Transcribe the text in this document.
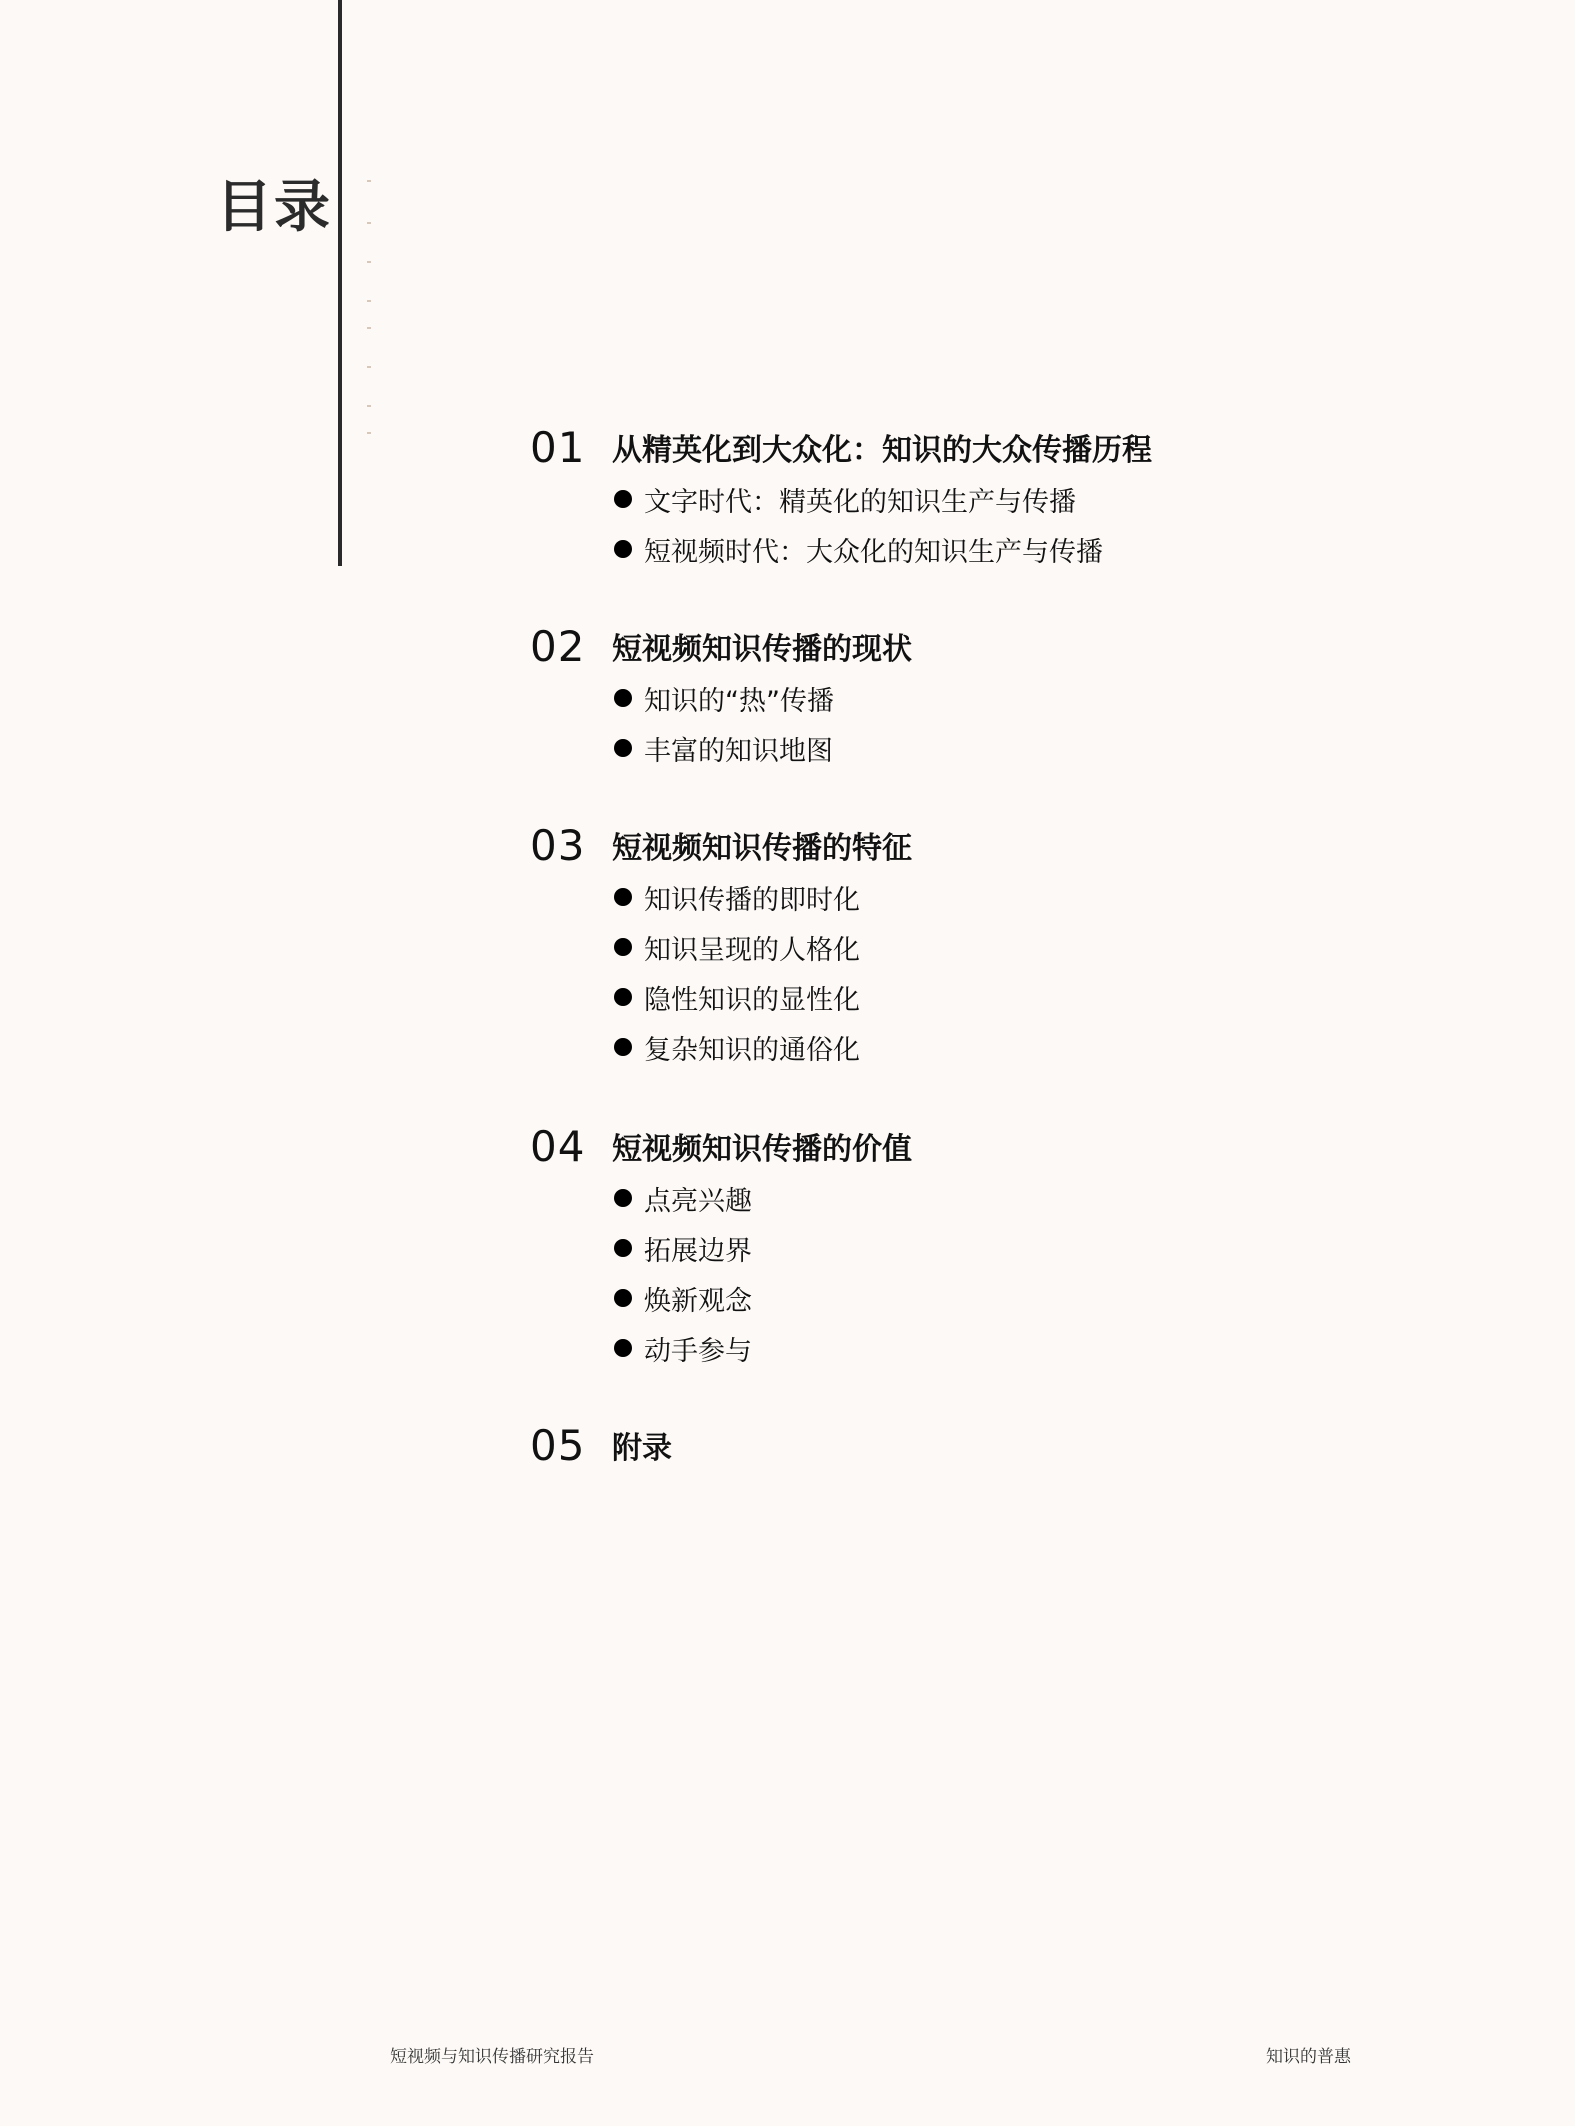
目录
01 从精英化到大众化：知识的大众传播历程
文字时代：精英化的知识生产与传播
短视频时代：大众化的知识生产与传播
02 短视频知识传播的现状
知识的“热”传播
丰富的知识地图
03 短视频知识传播的特征
知识传播的即时化
知识呈现的人格化
隐性知识的显性化
复杂知识的通俗化
04 短视频知识传播的价值
点亮兴趣
拓展边界
焕新观念
动手参与
05 附录
短视频与知识传播研究报告	知识的普惠
